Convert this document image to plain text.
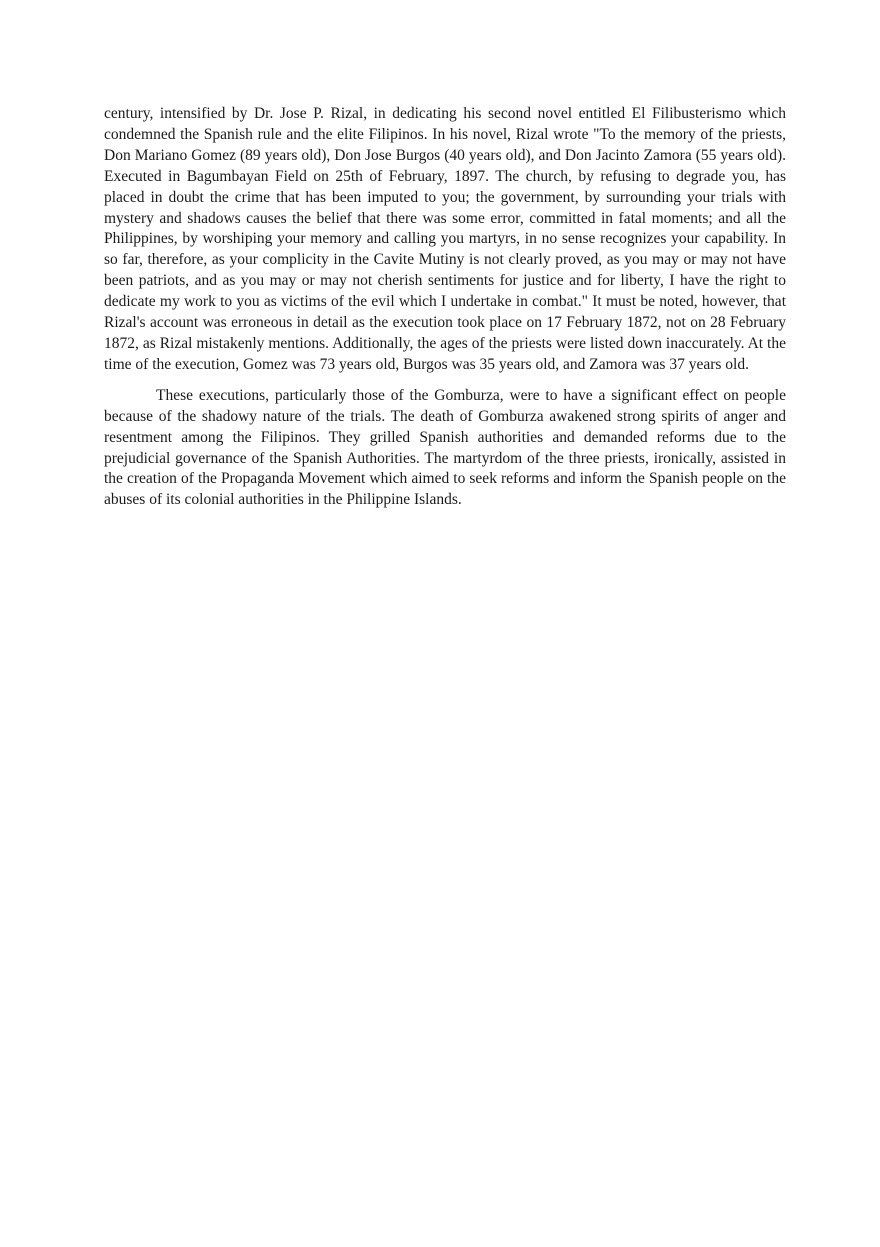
century, intensified by Dr. Jose P. Rizal, in dedicating his second novel entitled El Filibusterismo which condemned the Spanish rule and the elite Filipinos. In his novel, Rizal wrote "To the memory of the priests, Don Mariano Gomez (89 years old), Don Jose Burgos (40 years old), and Don Jacinto Zamora (55 years old). Executed in Bagumbayan Field on 25th of February, 1897. The church, by refusing to degrade you, has placed in doubt the crime that has been imputed to you; the government, by surrounding your trials with mystery and shadows causes the belief that there was some error, committed in fatal moments; and all the Philippines, by worshiping your memory and calling you martyrs, in no sense recognizes your capability. In so far, therefore, as your complicity in the Cavite Mutiny is not clearly proved, as you may or may not have been patriots, and as you may or may not cherish sentiments for justice and for liberty, I have the right to dedicate my work to you as victims of the evil which I undertake in combat." It must be noted, however, that Rizal's account was erroneous in detail as the execution took place on 17 February 1872, not on 28 February 1872, as Rizal mistakenly mentions. Additionally, the ages of the priests were listed down inaccurately. At the time of the execution, Gomez was 73 years old, Burgos was 35 years old, and Zamora was 37 years old.

These executions, particularly those of the Gomburza, were to have a significant effect on people because of the shadowy nature of the trials. The death of Gomburza awakened strong spirits of anger and resentment among the Filipinos. They grilled Spanish authorities and demanded reforms due to the prejudicial governance of the Spanish Authorities. The martyrdom of the three priests, ironically, assisted in the creation of the Propaganda Movement which aimed to seek reforms and inform the Spanish people on the abuses of its colonial authorities in the Philippine Islands.
